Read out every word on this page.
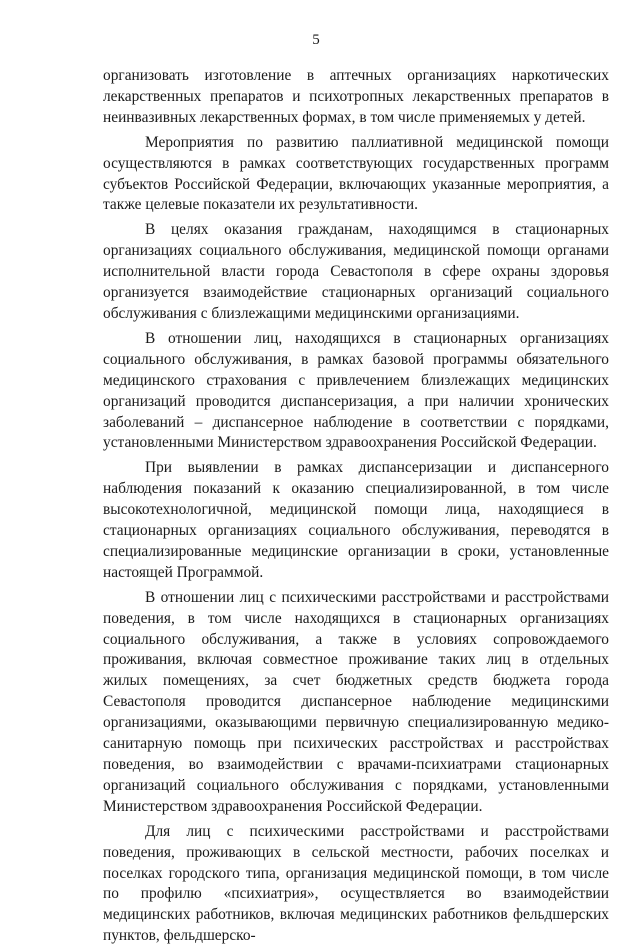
5

организовать изготовление в аптечных организациях наркотических лекарственных препаратов и психотропных лекарственных препаратов в неинвазивных лекарственных формах, в том числе применяемых у детей.

Мероприятия по развитию паллиативной медицинской помощи осуществляются в рамках соответствующих государственных программ субъектов Российской Федерации, включающих указанные мероприятия, а также целевые показатели их результативности.

В целях оказания гражданам, находящимся в стационарных организациях социального обслуживания, медицинской помощи органами исполнительной власти города Севастополя в сфере охраны здоровья организуется взаимодействие стационарных организаций социального обслуживания с близлежащими медицинскими организациями.

В отношении лиц, находящихся в стационарных организациях социального обслуживания, в рамках базовой программы обязательного медицинского страхования с привлечением близлежащих медицинских организаций проводится диспансеризация, а при наличии хронических заболеваний – диспансерное наблюдение в соответствии с порядками, установленными Министерством здравоохранения Российской Федерации.

При выявлении в рамках диспансеризации и диспансерного наблюдения показаний к оказанию специализированной, в том числе высокотехнологичной, медицинской помощи лица, находящиеся в стационарных организациях социального обслуживания, переводятся в специализированные медицинские организации в сроки, установленные настоящей Программой.

В отношении лиц с психическими расстройствами и расстройствами поведения, в том числе находящихся в стационарных организациях социального обслуживания, а также в условиях сопровождаемого проживания, включая совместное проживание таких лиц в отдельных жилых помещениях, за счет бюджетных средств бюджета города Севастополя проводится диспансерное наблюдение медицинскими организациями, оказывающими первичную специализированную медико-санитарную помощь при психических расстройствах и расстройствах поведения, во взаимодействии с врачами-психиатрами стационарных организаций социального обслуживания с порядками, установленными Министерством здравоохранения Российской Федерации.

Для лиц с психическими расстройствами и расстройствами поведения, проживающих в сельской местности, рабочих поселках и поселках городского типа, организация медицинской помощи, в том числе по профилю «психиатрия», осуществляется во взаимодействии медицинских работников, включая медицинских работников фельдшерских пунктов, фельдшерско-
